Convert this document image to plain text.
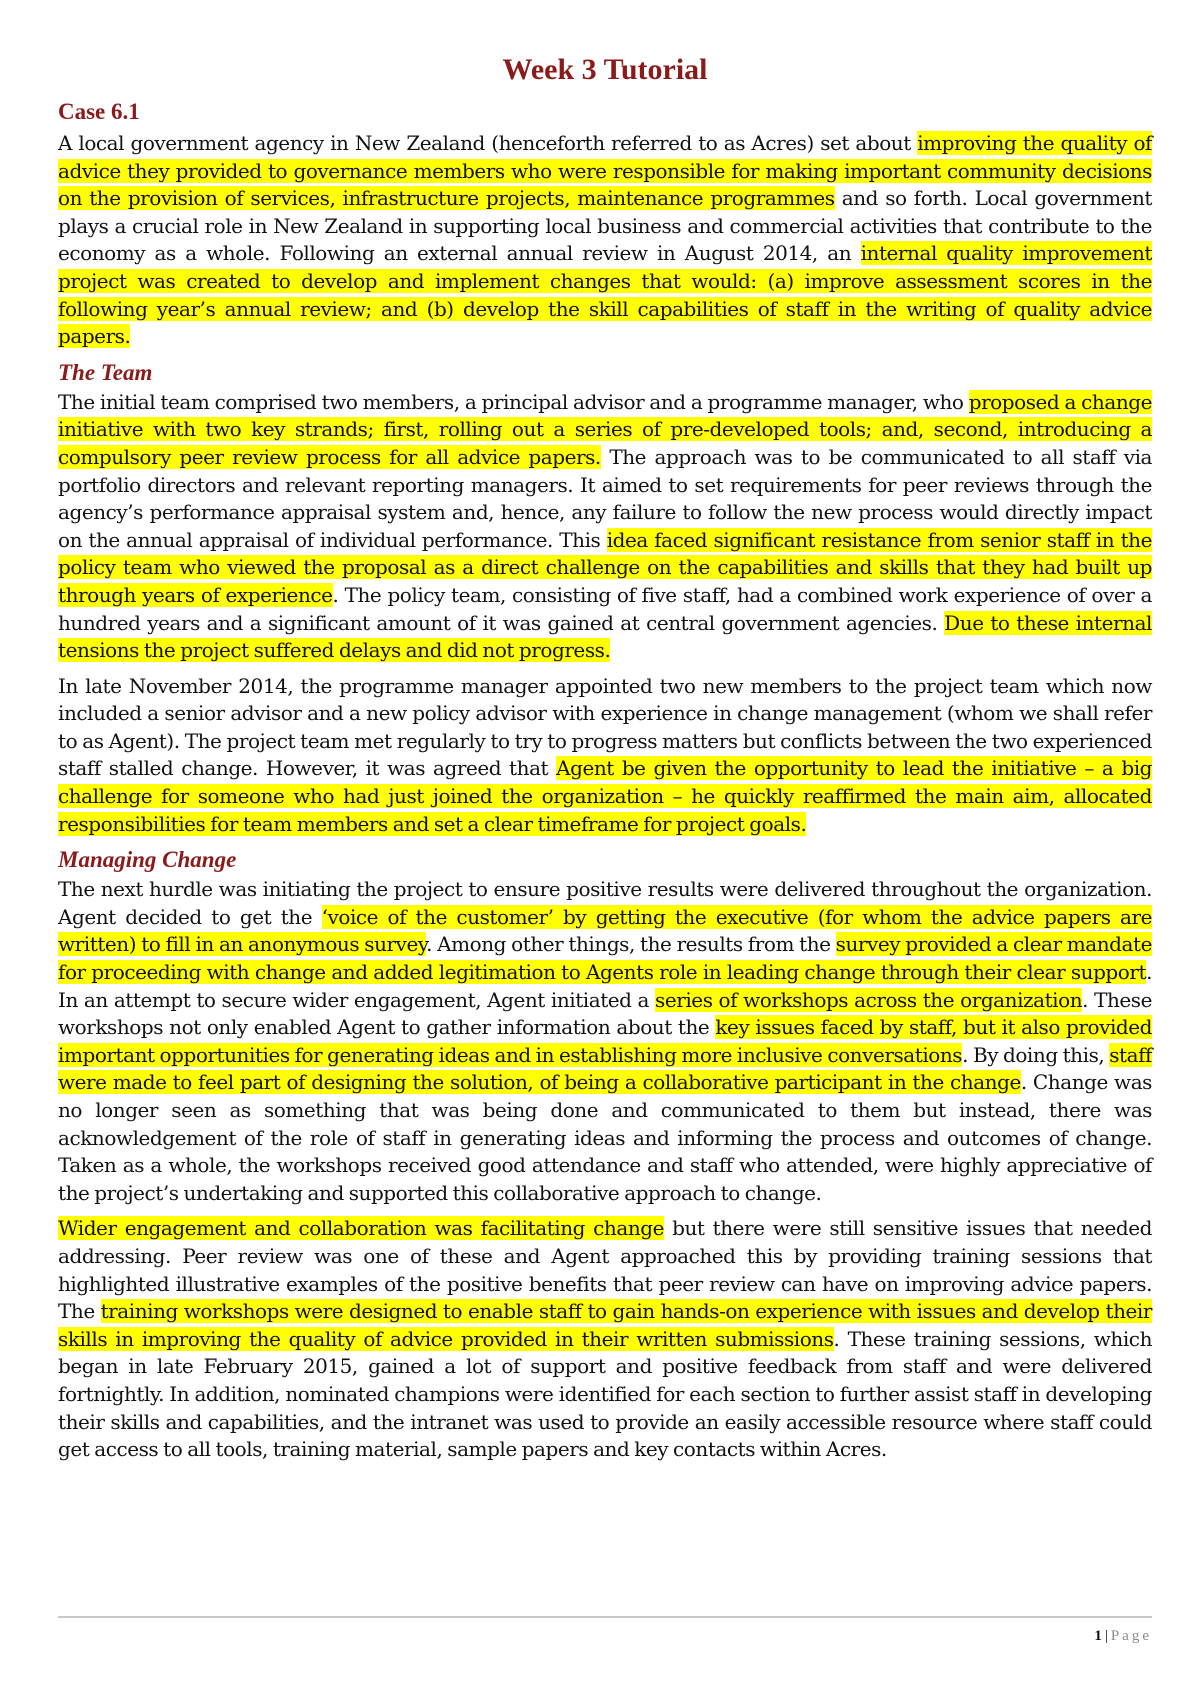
Week 3 Tutorial
Case 6.1

A local government agency in New Zealand (henceforth referred to as Acres) set about improving the quality of advice they provided to governance members who were responsible for making important community decisions on the provision of services, infrastructure projects, maintenance programmes and so forth. Local government plays a crucial role in New Zealand in supporting local business and commercial activities that contribute to the economy as a whole. Following an external annual review in August 2014, an internal quality improvement project was created to develop and implement changes that would: (a) improve assessment scores in the following year’s annual review; and (b) develop the skill capabilities of staff in the writing of quality advice papers.

The Team

The initial team comprised two members, a principal advisor and a programme manager, who proposed a change initiative with two key strands; first, rolling out a series of pre-developed tools; and, second, introducing a compulsory peer review process for all advice papers. The approach was to be communicated to all staff via portfolio directors and relevant reporting managers. It aimed to set requirements for peer reviews through the agency’s performance appraisal system and, hence, any failure to follow the new process would directly impact on the annual appraisal of individual performance. This idea faced significant resistance from senior staff in the policy team who viewed the proposal as a direct challenge on the capabilities and skills that they had built up through years of experience. The policy team, consisting of five staff, had a combined work experience of over a hundred years and a significant amount of it was gained at central government agencies. Due to these internal tensions the project suffered delays and did not progress.

In late November 2014, the programme manager appointed two new members to the project team which now included a senior advisor and a new policy advisor with experience in change management (whom we shall refer to as Agent). The project team met regularly to try to progress matters but conflicts between the two experienced staff stalled change. However, it was agreed that Agent be given the opportunity to lead the initiative – a big challenge for someone who had just joined the organization – he quickly reaffirmed the main aim, allocated responsibilities for team members and set a clear timeframe for project goals.

Managing Change

The next hurdle was initiating the project to ensure positive results were delivered throughout the organization. Agent decided to get the ‘voice of the customer’ by getting the executive (for whom the advice papers are written) to fill in an anonymous survey. Among other things, the results from the survey provided a clear mandate for proceeding with change and added legitimation to Agents role in leading change through their clear support. In an attempt to secure wider engagement, Agent initiated a series of workshops across the organization. These workshops not only enabled Agent to gather information about the key issues faced by staff, but it also provided important opportunities for generating ideas and in establishing more inclusive conversations. By doing this, staff were made to feel part of designing the solution, of being a collaborative participant in the change. Change was no longer seen as something that was being done and communicated to them but instead, there was acknowledgement of the role of staff in generating ideas and informing the process and outcomes of change. Taken as a whole, the workshops received good attendance and staff who attended, were highly appreciative of the project’s undertaking and supported this collaborative approach to change.

Wider engagement and collaboration was facilitating change but there were still sensitive issues that needed addressing. Peer review was one of these and Agent approached this by providing training sessions that highlighted illustrative examples of the positive benefits that peer review can have on improving advice papers. The training workshops were designed to enable staff to gain hands-on experience with issues and develop their skills in improving the quality of advice provided in their written submissions. These training sessions, which began in late February 2015, gained a lot of support and positive feedback from staff and were delivered fortnightly. In addition, nominated champions were identified for each section to further assist staff in developing their skills and capabilities, and the intranet was used to provide an easily accessible resource where staff could get access to all tools, training material, sample papers and key contacts within Acres.

1 | Page
